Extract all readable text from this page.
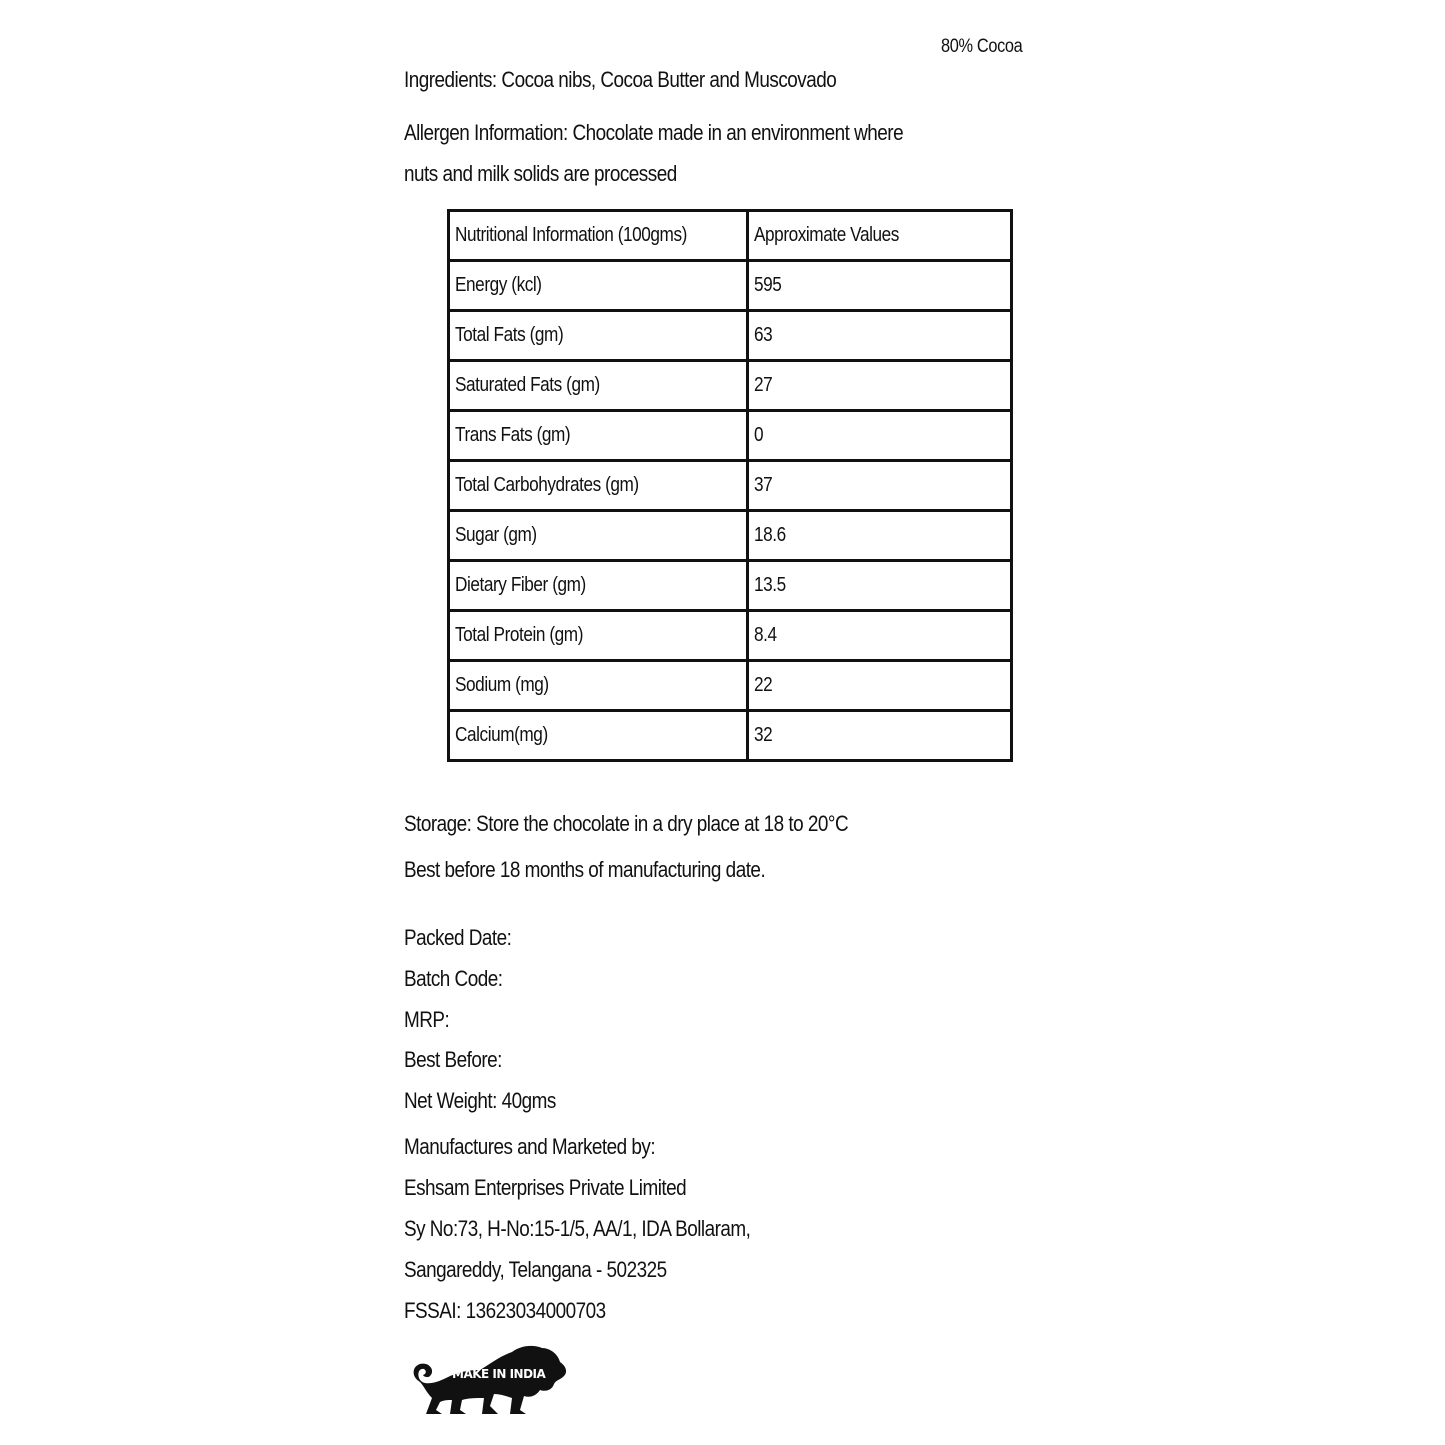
80% Cocoa
Ingredients: Cocoa nibs, Cocoa Butter and Muscovado
Allergen Information: Chocolate made in an environment where
nuts and milk solids are processed
Nutritional Information (100gms)	Approximate Values
Energy (kcl)	595
Total Fats (gm)	63
Saturated Fats (gm)	27
Trans Fats (gm)	0
Total Carbohydrates (gm)	37
Sugar (gm)	18.6
Dietary Fiber (gm)	13.5
Total Protein (gm)	8.4
Sodium (mg)	22
Calcium(mg)	32
Storage: Store the chocolate in a dry place at 18 to 20°C
Best before 18 months of manufacturing date.
Packed Date:
Batch Code:
MRP:
Best Before:
Net Weight: 40gms
Manufactures and Marketed by:
Eshsam Enterprises Private Limited
Sy No:73, H-No:15-1/5, AA/1, IDA Bollaram,
Sangareddy, Telangana - 502325
FSSAI: 13623034000703
MAKE IN INDIA
